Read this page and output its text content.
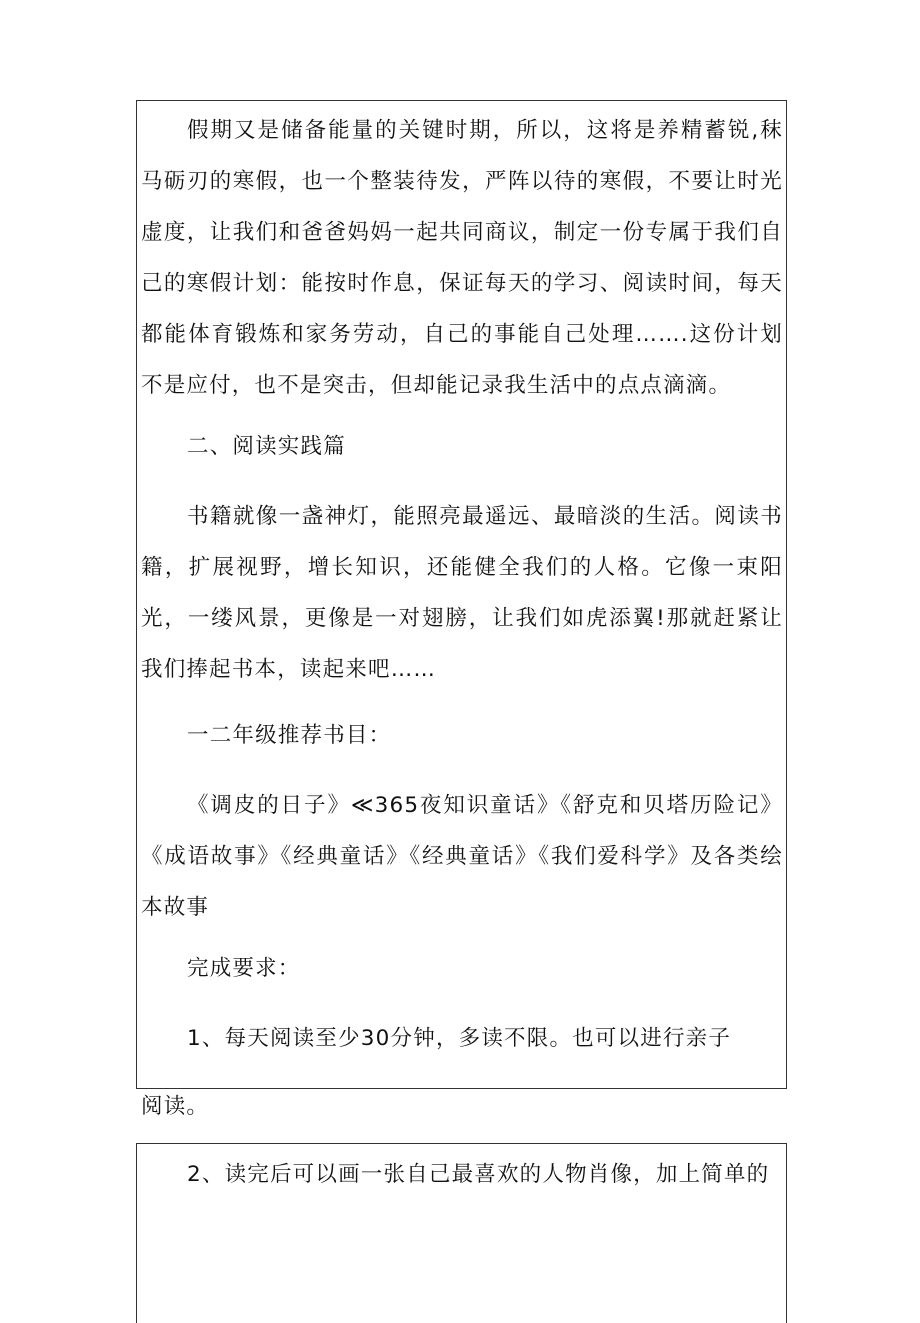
假期又是储备能量的关键时期，所以，这将是养精蓄锐,秣马砺刃的寒假，也一个整装待发，严阵以待的寒假，不要让时光虚度，让我们和爸爸妈妈一起共同商议，制定一份专属于我们自己的寒假计划：能按时作息，保证每天的学习、阅读时间，每天都能体育锻炼和家务劳动，自己的事能自己处理…….这份计划不是应付，也不是突击，但却能记录我生活中的点点滴滴。

二、阅读实践篇

书籍就像一盏神灯，能照亮最遥远、最暗淡的生活。阅读书籍，扩展视野，增长知识，还能健全我们的人格。它像一束阳光，一缕风景，更像是一对翅膀，让我们如虎添翼!那就赶紧让我们捧起书本，读起来吧……

一二年级推荐书目：

《调皮的日子》≪365夜知识童话》《舒克和贝塔历险记》《成语故事》《经典童话》《经典童话》《我们爱科学》及各类绘本故事

完成要求：

1、每天阅读至少30分钟，多读不限。也可以进行亲子

阅读。

2、读完后可以画一张自己最喜欢的人物肖像，加上简单的
